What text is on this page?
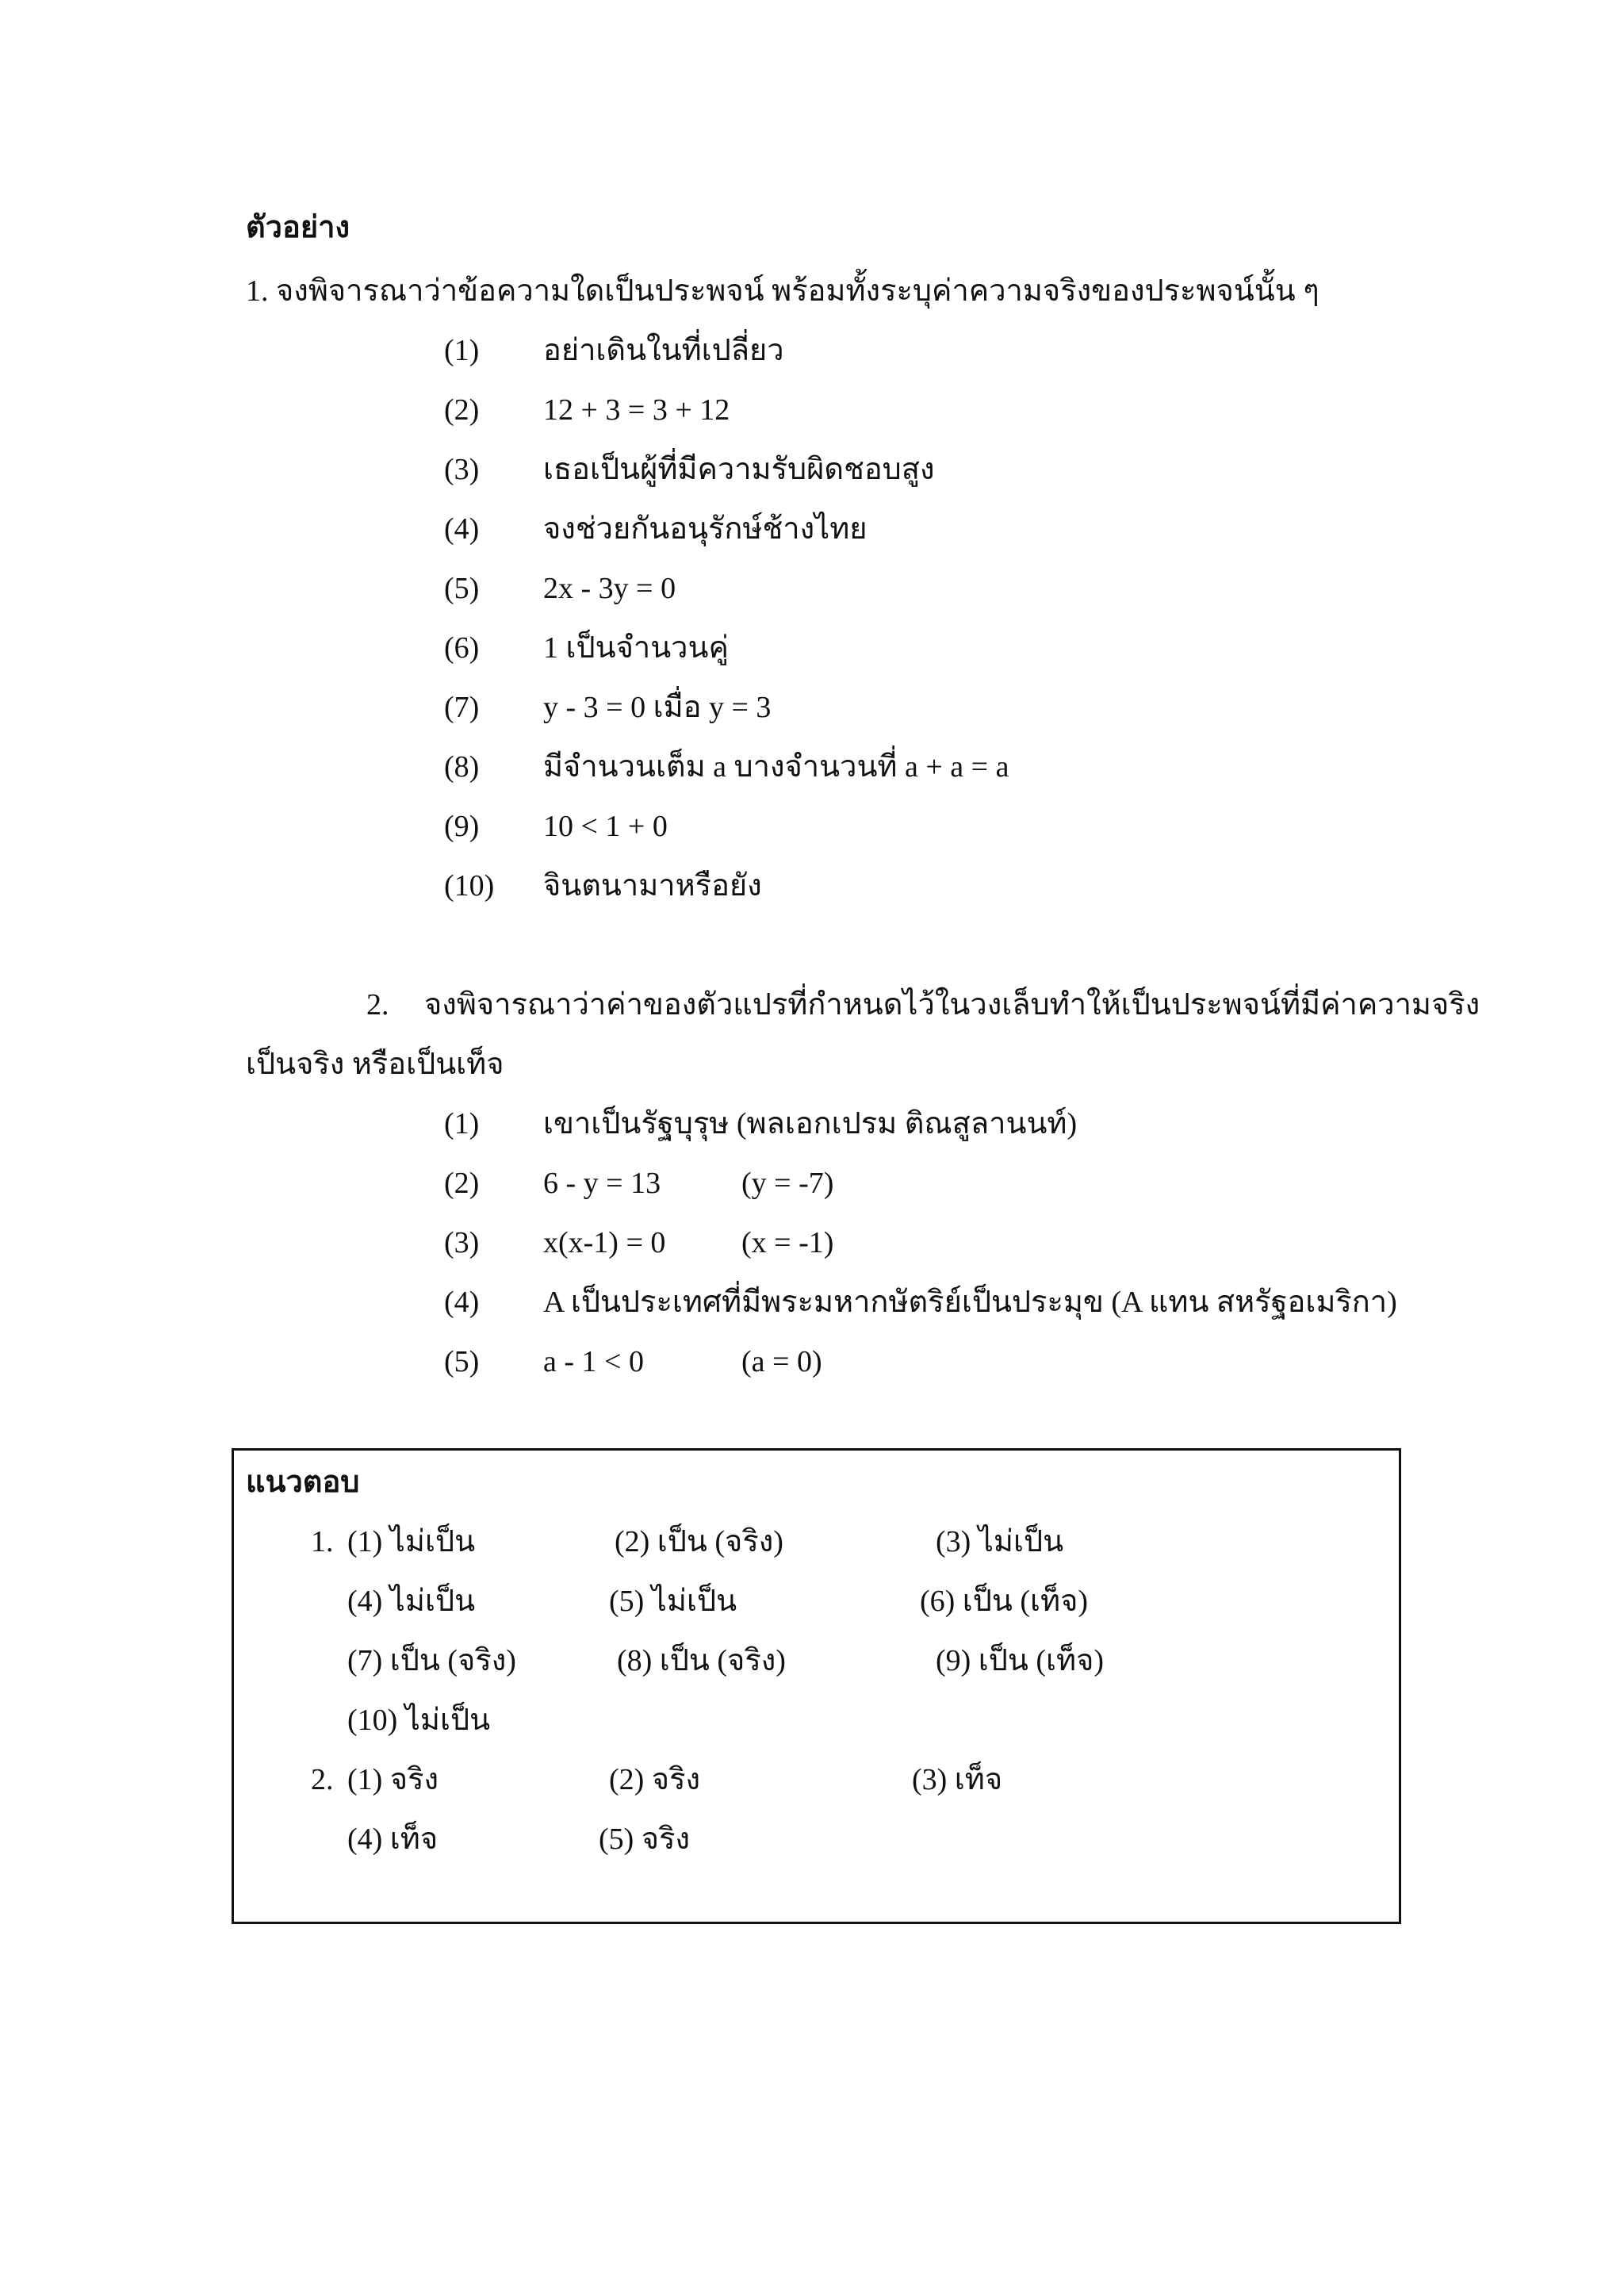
ตัวอย่าง
1. จงพิจารณาว่าข้อความใดเป็นประพจน์ พร้อมทั้งระบุค่าความจริงของประพจน์นั้น ๆ
(1) อย่าเดินในที่เปลี่ยว
(2) 12 + 3 = 3 + 12
(3) เธอเป็นผู้ที่มีความรับผิดชอบสูง
(4) จงช่วยกันอนุรักษ์ช้างไทย
(5) 2x - 3y = 0
(6) 1 เป็นจำนวนคู่
(7) y - 3 = 0 เมื่อ y = 3
(8) มีจำนวนเต็ม a บางจำนวนที่ a + a = a
(9) 10 < 1 + 0
(10) จินตนามาหรือยัง
2. จงพิจารณาว่าค่าของตัวแปรที่กำหนดไว้ในวงเล็บทำให้เป็นประพจน์ที่มีค่าความจริง
เป็นจริง หรือเป็นเท็จ
(1) เขาเป็นรัฐบุรุษ (พลเอกเปรม ติณสูลานนท์)
(2) 6 - y = 13	(y = -7)
(3) x(x-1) = 0	(x = -1)
(4) A เป็นประเทศที่มีพระมหากษัตริย์เป็นประมุข (A แทน สหรัฐอเมริกา)
(5) a - 1 < 0	(a = 0)
แนวตอบ
1. (1) ไม่เป็น	(2) เป็น (จริง)	(3) ไม่เป็น
(4) ไม่เป็น	(5) ไม่เป็น	(6) เป็น (เท็จ)
(7) เป็น (จริง)	(8) เป็น (จริง)	(9) เป็น (เท็จ)
(10) ไม่เป็น
2. (1) จริง	(2) จริง	(3) เท็จ
(4) เท็จ	(5) จริง
